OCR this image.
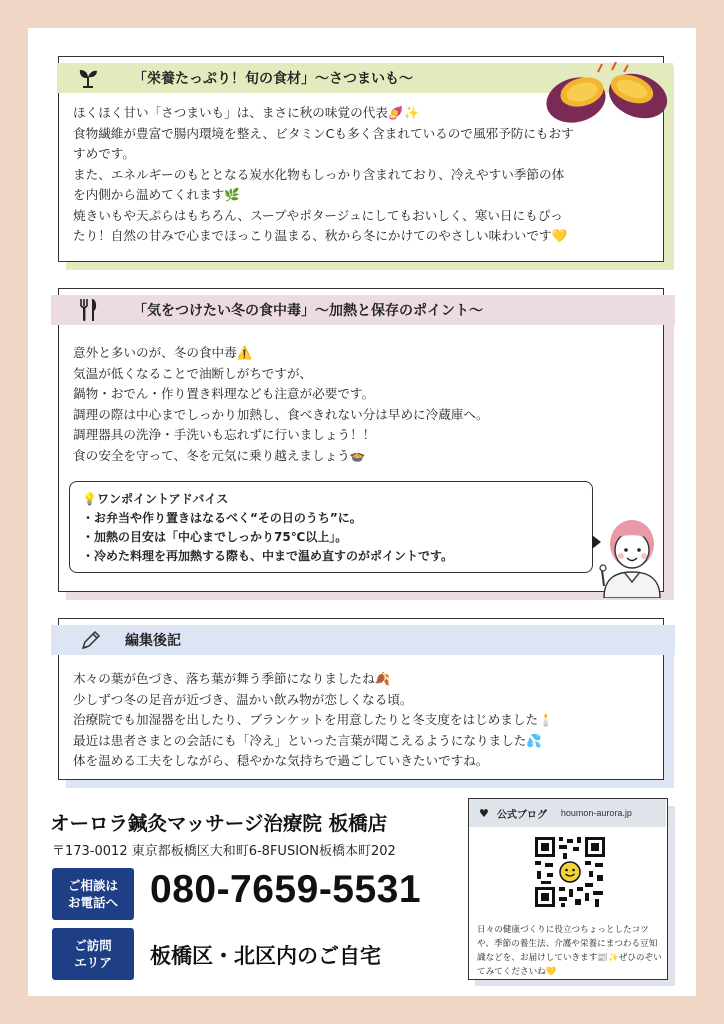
「栄養たっぷり！旬の食材」〜さつまいも〜

ほくほく甘い「さつまいも」は、まさに秋の味覚の代表🍠✨

食物繊維が豊富で腸内環境を整え、ビタミンCも多く含まれているので風邪予防にもおす

すめです。

また、エネルギーのもととなる炭水化物もしっかり含まれており、冷えやすい季節の体

を内側から温めてくれます🌿

焼きいもや天ぷらはもちろん、スープやポタージュにしてもおいしく、寒い日にもぴっ

たり！自然の甘みで心までほっこり温まる、秋から冬にかけてのやさしい味わいです💛

「気をつけたい冬の食中毒」〜加熱と保存のポイント〜

意外と多いのが、冬の食中毒⚠️

気温が低くなることで油断しがちですが、

鍋物・おでん・作り置き料理なども注意が必要です。

調理の際は中心までしっかり加熱し、食べきれない分は早めに冷蔵庫へ。

調理器具の洗浄・手洗いも忘れずに行いましょう！！

食の安全を守って、冬を元気に乗り越えましょう🍲

💡ワンポイントアドバイス

・お弁当や作り置きはなるべく“その日のうち”に。

・加熱の目安は「中心までしっかり75℃以上」。

・冷めた料理を再加熱する際も、中まで温め直すのがポイントです。

編集後記

木々の葉が色づき、落ち葉が舞う季節になりましたね🍂

少しずつ冬の足音が近づき、温かい飲み物が恋しくなる頃。

治療院でも加湿器を出したり、ブランケットを用意したりと冬支度をはじめました🕯️

最近は患者さまとの会話にも「冷え」といった言葉が聞こえるようになりました💦

体を温める工夫をしながら、穏やかな気持ちで過ごしていきたいですね。

オーロラ鍼灸マッサージ治療院 板橋店
〒173-0012 東京都板橋区大和町6-8FUSION板橋本町202
ご相談は
お電話へ 080-7659-5531
ご訪問
エリア 板橋区・北区内のご自宅
♥ 公式ブログ houmon-aurora.jp
日々の健康づくりに役立つちょっとしたコツや、季節の養生法、介護や栄養にまつわる豆知識などを、お届けしていきます📰✨ぜひのぞいてみてくださいね💛
